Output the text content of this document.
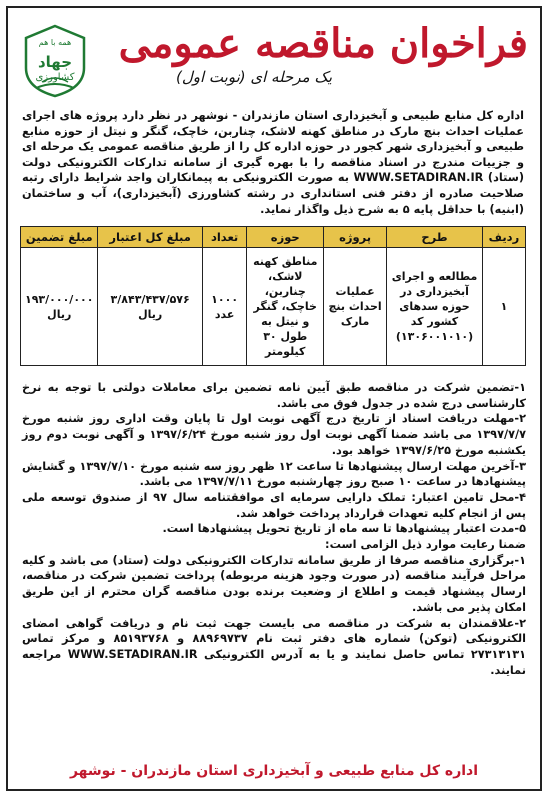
همه با هم
جهاد
کشاورزی
فراخوان مناقصه عمومی
یک مرحله ای (نوبت اول)
اداره کل منابع طبیعی و آبخیزداری استان مازندران - نوشهر در نظر دارد پروژه های اجرای عملیات احداث بنچ مارک در مناطق کهنه لاشک، چناربن، خاچک، گنگر و نیتل از حوزه منابع طبیعی و آبخیزداری شهر کجور در حوزه اداره کل را از طریق مناقصه عمومی یک مرحله ای و جزییات مندرج در اسناد مناقصه را با بهره گیری از سامانه تدارکات الکترونیکی دولت (ستاد) WWW.SETADIRAN.IR به صورت الکترونیکی به پیمانکاران واجد شرایط دارای رتبه صلاحیت صادره از دفتر فنی استانداری در رشته کشاورزی (آبخیزداری)، آب و ساختمان (ابنیه) با حداقل پایه ۵ به شرح ذیل واگذار نماید.
ردیف	طرح	پروژه	حوزه	تعداد	مبلغ کل اعتبار	مبلغ تضمین
۱	مطالعه و اجرای آبخیزداری در حوزه سدهای کشور کد (۱۳۰۶۰۰۱۰۱۰)	عملیات احداث بنچ مارک	مناطق کهنه لاشک، چناربن، خاچک، گنگر و نیتل به طول ۳۰ کیلومتر	۱۰۰۰ عدد	۳/۸۴۳/۴۳۷/۵۷۶ ریال	۱۹۳/۰۰۰/۰۰۰ ریال

۱-تضمین شرکت در مناقصه طبق آیین نامه تضمین برای معاملات دولتی با توجه به نرخ کارشناسی درج شده در جدول فوق می باشد.

۲-مهلت دریافت اسناد از تاریخ درج آگهی نوبت اول تا پایان وقت اداری روز شنبه مورخ ۱۳۹۷/۷/۷ می باشد ضمنا آگهی نوبت اول روز شنبه مورخ ۱۳۹۷/۶/۲۴ و آگهی نوبت دوم روز یکشنبه مورخ ۱۳۹۷/۶/۲۵ خواهد بود.

۳-آخرین مهلت ارسال پیشنهادها تا ساعت ۱۲ ظهر روز سه شنبه مورخ ۱۳۹۷/۷/۱۰ و گشایش پیشنهادها در ساعت ۱۰ صبح روز چهارشنبه مورخ ۱۳۹۷/۷/۱۱ می باشد.

۴-محل تامین اعتبار: تملک دارایی سرمایه ای موافقتنامه سال ۹۷ از صندوق توسعه ملی پس از انجام کلیه تعهدات قرارداد پرداخت خواهد شد.

۵-مدت اعتبار پیشنهادها تا سه ماه از تاریخ تحویل پیشنهادها است.

ضمنا رعایت موارد ذیل الزامی است:

۱-برگزاری مناقصه صرفا از طریق سامانه تدارکات الکترونیکی دولت (ستاد) می باشد و کلیه مراحل فرآیند مناقصه (در صورت وجود هزینه مربوطه) پرداخت تضمین شرکت در مناقصه، ارسال پیشنهاد قیمت و اطلاع از وضعیت برنده بودن مناقصه گران محترم از این طریق امکان پذیر می باشد.

۲-علاقمندان به شرکت در مناقصه می بایست جهت ثبت نام و دریافت گواهی امضای الکترونیکی (توکن) شماره های دفتر ثبت نام ۸۸۹۶۹۷۳۷ و ۸۵۱۹۳۷۶۸ و مرکز تماس ۲۷۳۱۳۱۳۱ تماس حاصل نمایند و یا به آدرس الکترونیکی WWW.SETADIRAN.IR مراجعه نمایند.

اداره کل منابع طبیعی و آبخیزداری استان مازندران - نوشهر
